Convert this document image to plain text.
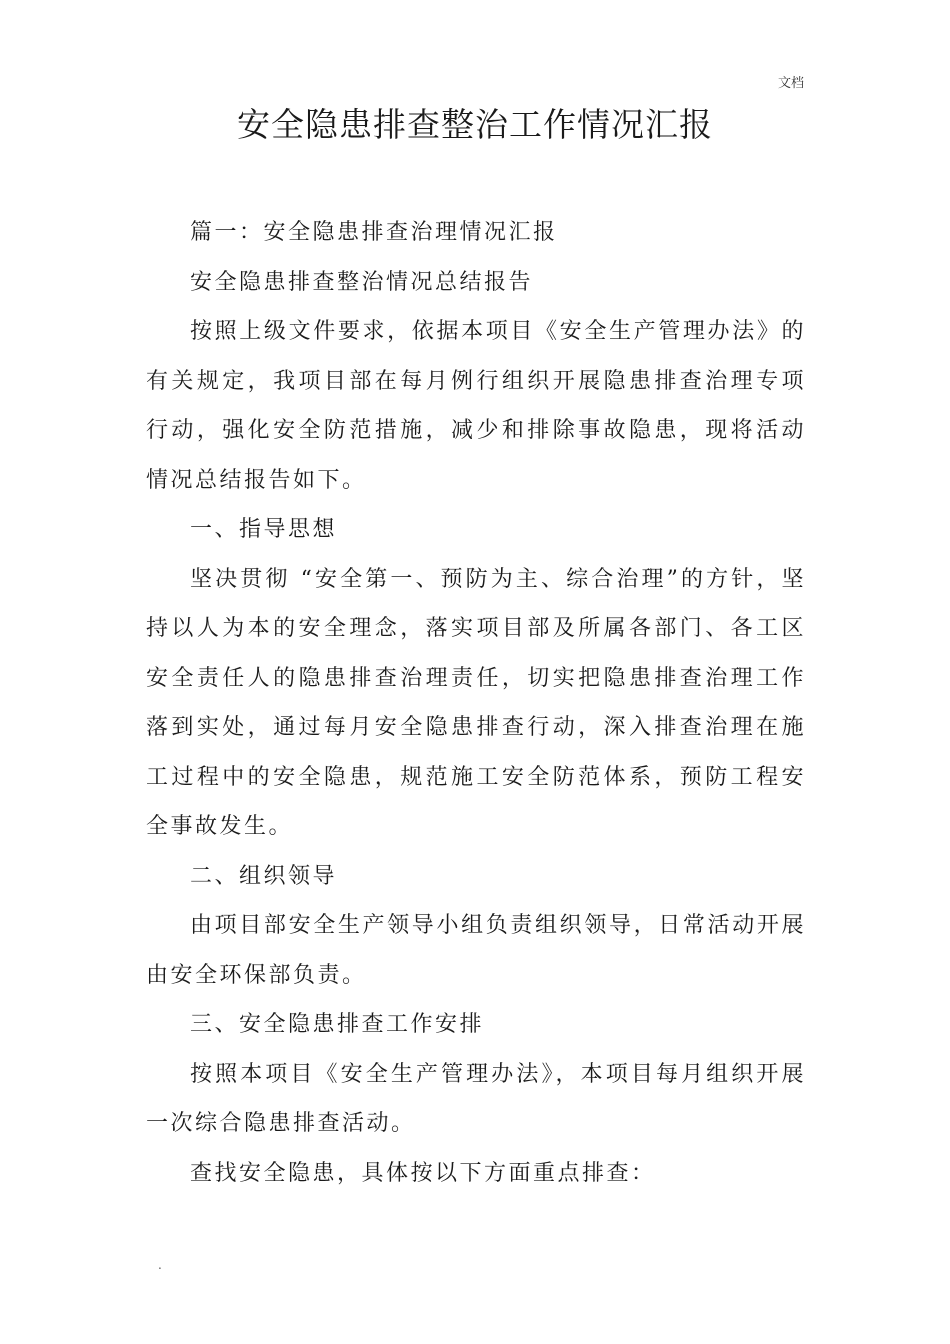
文档
安全隐患排查整治工作情况汇报

篇一：安全隐患排查治理情况汇报

安全隐患排查整治情况总结报告

按照上级文件要求，依据本项目《安全生产管理办法》的有关规定，我项目部在每月例行组织开展隐患排查治理专项行动，强化安全防范措施，减少和排除事故隐患，现将活动情况总结报告如下。

一、指导思想

坚决贯彻 “安全第一、预防为主、综合治理”的方针，坚持以人为本的安全理念，落实项目部及所属各部门、各工区安全责任人的隐患排查治理责任，切实把隐患排查治理工作落到实处，通过每月安全隐患排查行动，深入排查治理在施工过程中的安全隐患，规范施工安全防范体系，预防工程安全事故发生。

二、组织领导

由项目部安全生产领导小组负责组织领导，日常活动开展由安全环保部负责。

三、安全隐患排查工作安排

按照本项目《安全生产管理办法》，本项目每月组织开展一次综合隐患排查活动。

查找安全隐患，具体按以下方面重点排查：

.
